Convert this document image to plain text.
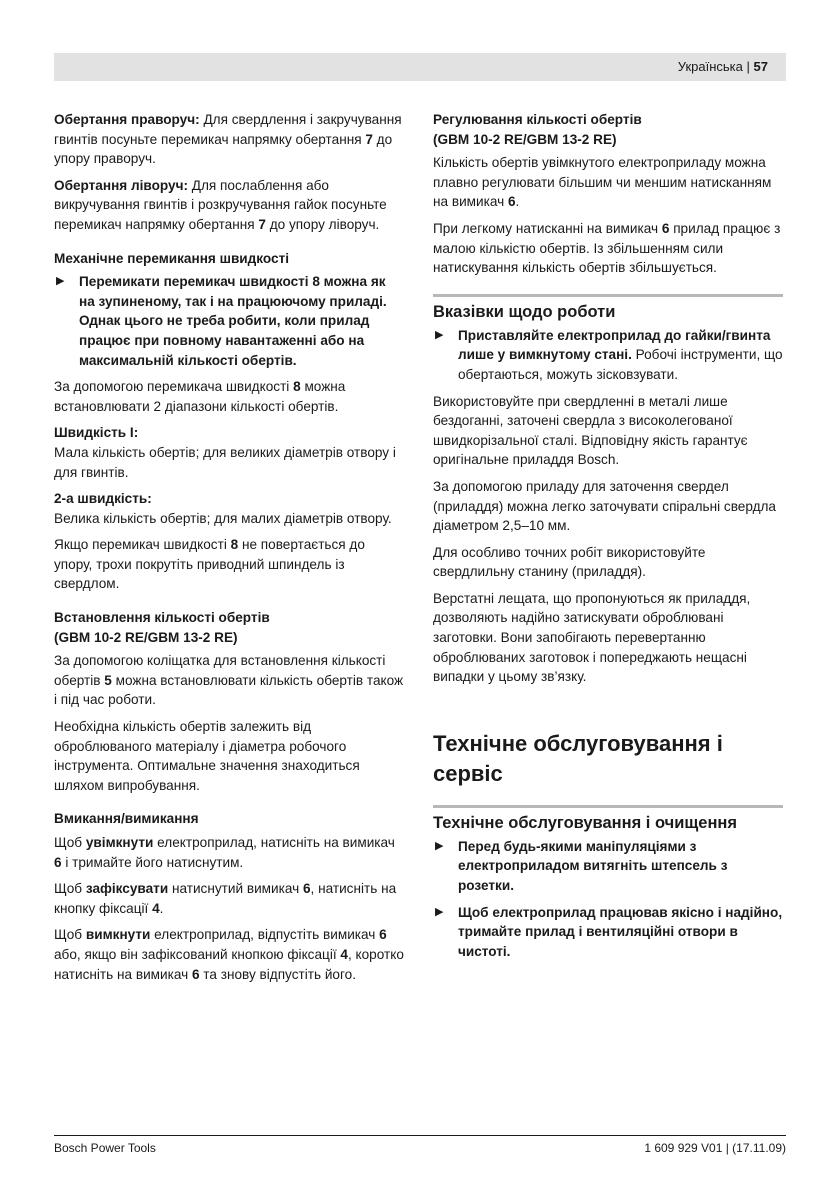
Українська | 57

Обертання праворуч: Для свердлення і закручування гвинтів посуньте перемикач напрямку обертання 7 до упору праворуч.

Обертання ліворуч: Для послаблення або викручування гвинтів і розкручування гайок посуньте перемикач напрямку обертання 7 до упору ліворуч.

Механічне перемикання швидкості
▶ Перемикати перемикач швидкості 8 можна як на зупиненому, так і на працюючому приладі. Однак цього не треба робити, коли прилад працює при повному навантаженні або на максимальній кількості обертів.

За допомогою перемикача швидкості 8 можна встановлювати 2 діапазони кількості обертів.

Швидкість I:

Мала кількість обертів; для великих діаметрів отвору і для гвинтів.

2-а швидкість:

Велика кількість обертів; для малих діаметрів отвору.

Якщо перемикач швидкості 8 не повертається до упору, трохи покрутіть приводний шпиндель із свердлом.

Встановлення кількості обертів
(GBM 10-2 RE/GBM 13-2 RE)

За допомогою коліщатка для встановлення кількості обертів 5 можна встановлювати кількість обертів також і під час роботи.

Необхідна кількість обертів залежить від оброблюваного матеріалу і діаметра робочого інструмента. Оптимальне значення знаходиться шляхом випробування.

Вмикання/вимикання

Щоб увімкнути електроприлад, натисніть на вимикач 6 і тримайте його натиснутим.

Щоб зафіксувати натиснутий вимикач 6, натисніть на кнопку фіксації 4.

Щоб вимкнути електроприлад, відпустіть вимикач 6 або, якщо він зафіксований кнопкою фіксації 4, коротко натисніть на вимикач 6 та знову відпустіть його.

Регулювання кількості обертів
(GBM 10-2 RE/GBM 13-2 RE)

Кількість обертів увімкнутого електроприладу можна плавно регулювати більшим чи меншим натисканням на вимикач 6.

При легкому натисканні на вимикач 6 прилад працює з малою кількістю обертів. Із збільшенням сили натискування кількість обертів збільшується.

Вказівки щодо роботи
▶ Приставляйте електроприлад до гайки/гвинта лише у вимкнутому стані. Робочі інструменти, що обертаються, можуть зісковзувати.

Використовуйте при свердленні в металі лише бездоганні, заточені свердла з високолегованої швидкорізальної сталі. Відповідну якість гарантує оригінальне приладдя Bosch.

За допомогою приладу для заточення свердел (приладдя) можна легко заточувати спіральні свердла діаметром 2,5–10 мм.

Для особливо точних робіт використовуйте свердлильну станину (приладдя).

Верстатні лещата, що пропонуються як приладдя, дозволяють надійно затискувати оброблювані заготовки. Вони запобігають перевертанню оброблюваних заготовок і попереджають нещасні випадки у цьому зв’язку.

Технічне обслуговування і
сервіс
Технічне обслуговування і очищення
▶ Перед будь-якими маніпуляціями з електроприладом витягніть штепсель з розетки.
▶ Щоб електроприлад працював якісно і надійно, тримайте прилад і вентиляційні отвори в чистоті.
Bosch Power Tools	1 609 929 V01 | (17.11.09)
